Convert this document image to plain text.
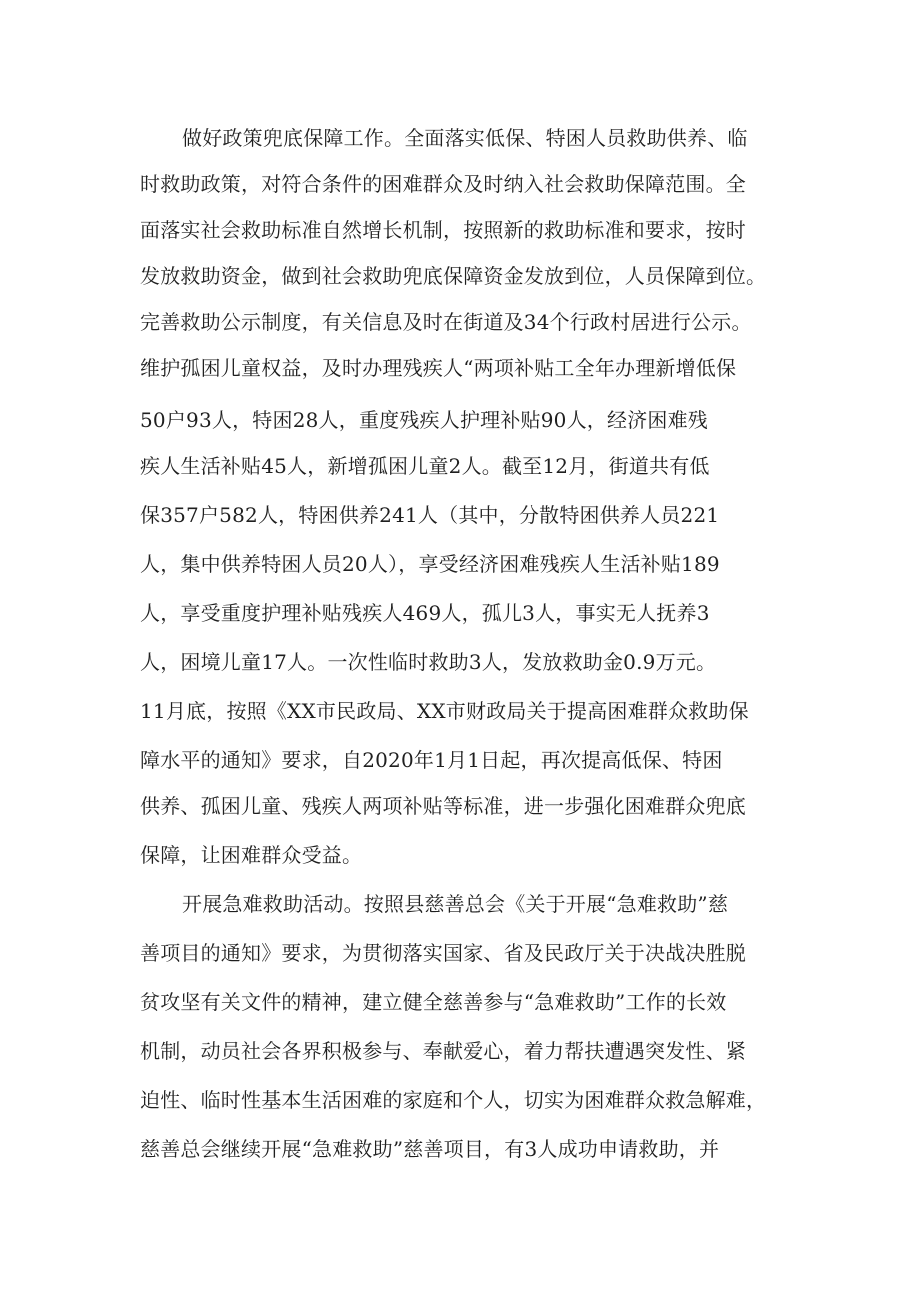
做好政策兜底保障工作。全面落实低保、特困人员救助供养、临
时救助政策，对符合条件的困难群众及时纳入社会救助保障范围。全
面落实社会救助标准自然增长机制，按照新的救助标准和要求，按时
发放救助资金，做到社会救助兜底保障资金发放到位，人员保障到位。
完善救助公示制度，有关信息及时在街道及34个行政村居进行公示。
维护孤困儿童权益，及时办理残疾人“两项补贴工全年办理新增低保
50户93人，特困28人，重度残疾人护理补贴90人，经济困难残
疾人生活补贴45人，新增孤困儿童2人。截至12月，街道共有低
保357户582人，特困供养241人（其中，分散特困供养人员221
人，集中供养特困人员20人），享受经济困难残疾人生活补贴189
人，享受重度护理补贴残疾人469人，孤儿3人，事实无人抚养3
人，困境儿童17人。一次性临时救助3人，发放救助金0.9万元。
11月底，按照《XX市民政局、XX市财政局关于提高困难群众救助保
障水平的通知》要求，自2020年1月1日起，再次提高低保、特困
供养、孤困儿童、残疾人两项补贴等标准，进一步强化困难群众兜底
保障，让困难群众受益。
开展急难救助活动。按照县慈善总会《关于开展“急难救助”慈
善项目的通知》要求，为贯彻落实国家、省及民政厅关于决战决胜脱
贫攻坚有关文件的精神，建立健全慈善参与“急难救助”工作的长效
机制，动员社会各界积极参与、奉献爱心，着力帮扶遭遇突发性、紧
迫性、临时性基本生活困难的家庭和个人，切实为困难群众救急解难，
慈善总会继续开展“急难救助”慈善项目，有3人成功申请救助，并
